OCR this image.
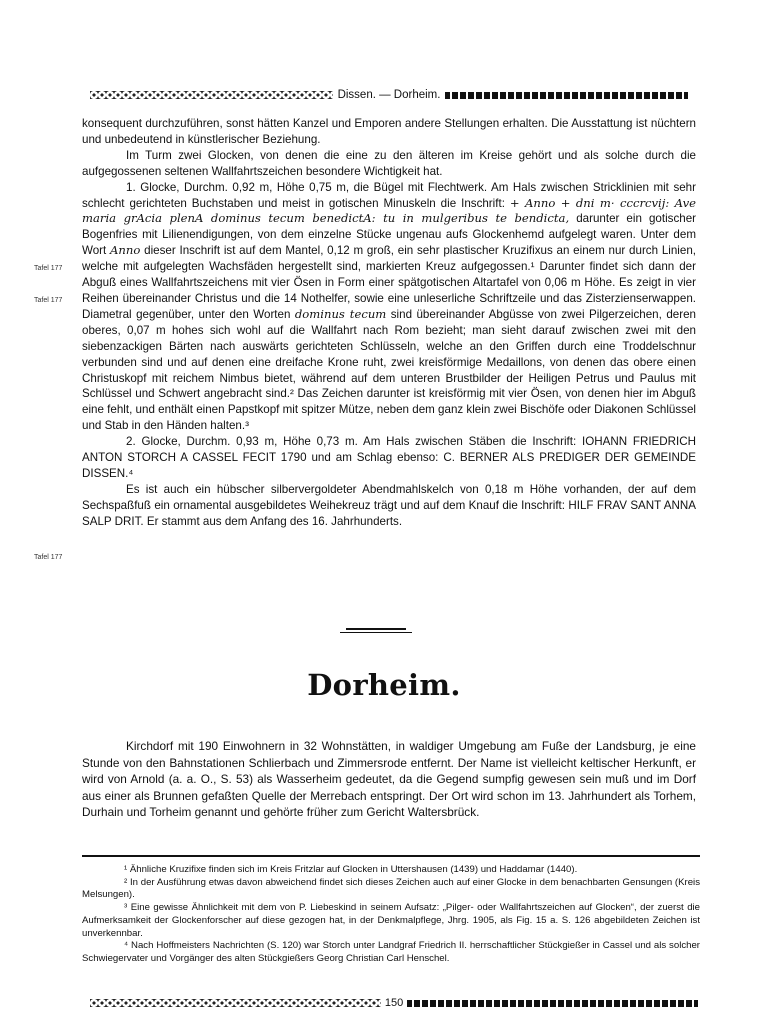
Dissen. — Dorheim.
Tafel 177
Tafel 177
Tafel 177

konsequent durchzuführen, sonst hätten Kanzel und Emporen andere Stellungen erhalten. Die Ausstattung ist nüchtern und unbedeutend in künstlerischer Beziehung.

Im Turm zwei Glocken, von denen die eine zu den älteren im Kreise gehört und als solche durch die aufgegossenen seltenen Wallfahrtszeichen besondere Wichtigkeit hat.

1. Glocke, Durchm. 0,92 m, Höhe 0,75 m, die Bügel mit Flechtwerk. Am Hals zwischen Stricklinien mit sehr schlecht gerichteten Buchstaben und meist in gotischen Minuskeln die Inschrift: + Anno + dni m· cccrcvij: Ave maria grAcia plenA dominus tecum benedictA: tu in mulgeribus te bendicta, darunter ein gotischer Bogenfries mit Lilienendigungen, von dem einzelne Stücke ungenau aufs Glockenhemd aufgelegt waren. Unter dem Wort Anno dieser Inschrift ist auf dem Mantel, 0,12 m groß, ein sehr plastischer Kruzifixus an einem nur durch Linien, welche mit aufgelegten Wachsfäden hergestellt sind, markierten Kreuz aufgegossen.¹ Darunter findet sich dann der Abguß eines Wallfahrtszeichens mit vier Ösen in Form einer spätgotischen Altartafel von 0,06 m Höhe. Es zeigt in vier Reihen übereinander Christus und die 14 Nothelfer, sowie eine unleserliche Schriftzeile und das Zisterzienserwappen. Diametral gegenüber, unter den Worten dominus tecum sind übereinander Abgüsse von zwei Pilgerzeichen, deren oberes, 0,07 m hohes sich wohl auf die Wallfahrt nach Rom bezieht; man sieht darauf zwischen zwei mit den siebenzackigen Bärten nach auswärts gerichteten Schlüsseln, welche an den Griffen durch eine Troddelschnur verbunden sind und auf denen eine dreifache Krone ruht, zwei kreisförmige Medaillons, von denen das obere einen Christuskopf mit reichem Nimbus bietet, während auf dem unteren Brustbilder der Heiligen Petrus und Paulus mit Schlüssel und Schwert angebracht sind.² Das Zeichen darunter ist kreisförmig mit vier Ösen, von denen hier im Abguß eine fehlt, und enthält einen Papstkopf mit spitzer Mütze, neben dem ganz klein zwei Bischöfe oder Diakonen Schlüssel und Stab in den Händen halten.³

2. Glocke, Durchm. 0,93 m, Höhe 0,73 m. Am Hals zwischen Stäben die Inschrift: IOHANN FRIEDRICH ANTON STORCH A CASSEL FECIT 1790 und am Schlag ebenso: C. BERNER ALS PREDIGER DER GEMEINDE DISSEN.⁴

Es ist auch ein hübscher silbervergoldeter Abendmahlskelch von 0,18 m Höhe vorhanden, der auf dem Sechspaßfuß ein ornamental ausgebildetes Weihekreuz trägt und auf dem Knauf die Inschrift: HILF FRAV SANT ANNA SALP DRIT. Er stammt aus dem Anfang des 16. Jahrhunderts.

Dorheim.

Kirchdorf mit 190 Einwohnern in 32 Wohnstätten, in waldiger Umgebung am Fuße der Landsburg, je eine Stunde von den Bahnstationen Schlierbach und Zimmersrode entfernt. Der Name ist vielleicht keltischer Herkunft, er wird von Arnold (a. a. O., S. 53) als Wasserheim gedeutet, da die Gegend sumpfig gewesen sein muß und im Dorf aus einer als Brunnen gefaßten Quelle der Merrebach entspringt. Der Ort wird schon im 13. Jahrhundert als Torhem, Durhain und Torheim genannt und gehörte früher zum Gericht Waltersbrück.

¹ Ähnliche Kruzifixe finden sich im Kreis Fritzlar auf Glocken in Uttershausen (1439) und Haddamar (1440).

² In der Ausführung etwas davon abweichend findet sich dieses Zeichen auch auf einer Glocke in dem benachbarten Gensungen (Kreis Melsungen).

³ Eine gewisse Ähnlichkeit mit dem von P. Liebeskind in seinem Aufsatz: „Pilger- oder Wallfahrtszeichen auf Glocken“, der zuerst die Aufmerksamkeit der Glockenforscher auf diese gezogen hat, in der Denkmalpflege, Jhrg. 1905, als Fig. 15 a. S. 126 abgebildeten Zeichen ist unverkennbar.

⁴ Nach Hoffmeisters Nachrichten (S. 120) war Storch unter Landgraf Friedrich II. herrschaftlicher Stückgießer in Cassel und als solcher Schwiegervater und Vorgänger des alten Stückgießers Georg Christian Carl Henschel.

150
